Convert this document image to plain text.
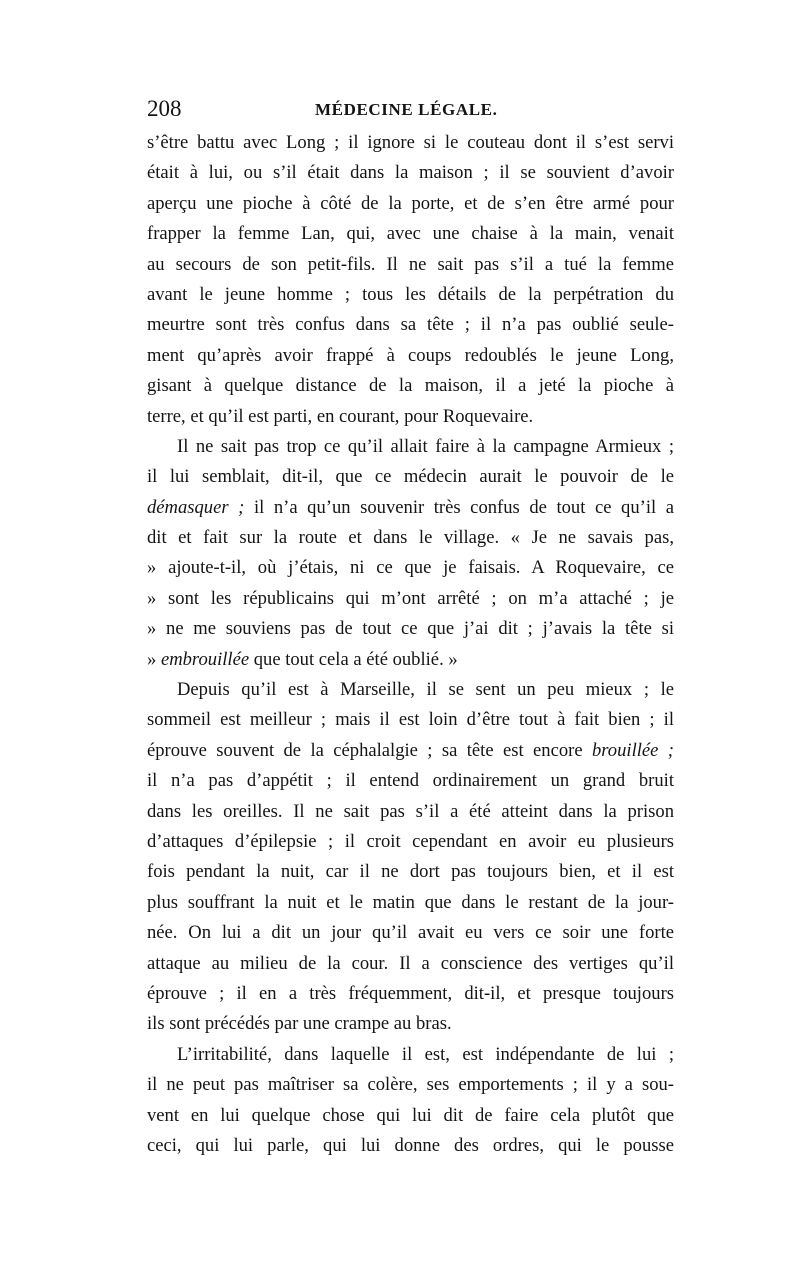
208	MÉDECINE LÉGALE.
s’être battu avec Long ; il ignore si le couteau dont il s’est servi
était à lui, ou s’il était dans la maison ; il se souvient d’avoir
aperçu une pioche à côté de la porte, et de s’en être armé pour
frapper la femme Lan, qui, avec une chaise à la main, venait
au secours de son petit-fils. Il ne sait pas s’il a tué la femme
avant le jeune homme ; tous les détails de la perpétration du
meurtre sont très confus dans sa tête ; il n’a pas oublié seule-
ment qu’après avoir frappé à coups redoublés le jeune Long,
gisant à quelque distance de la maison, il a jeté la pioche à
terre, et qu’il est parti, en courant, pour Roquevaire.
Il ne sait pas trop ce qu’il allait faire à la campagne Armieux ;
il lui semblait, dit-il, que ce médecin aurait le pouvoir de le
démasquer ; il n’a qu’un souvenir très confus de tout ce qu’il a
dit et fait sur la route et dans le village. « Je ne savais pas,
» ajoute-t-il, où j’étais, ni ce que je faisais. A Roquevaire, ce
» sont les républicains qui m’ont arrêté ; on m’a attaché ; je
» ne me souviens pas de tout ce que j’ai dit ; j’avais la tête si
» embrouillée que tout cela a été oublié. »
Depuis qu’il est à Marseille, il se sent un peu mieux ; le
sommeil est meilleur ; mais il est loin d’être tout à fait bien ; il
éprouve souvent de la céphalalgie ; sa tête est encore brouillée ;
il n’a pas d’appétit ; il entend ordinairement un grand bruit
dans les oreilles. Il ne sait pas s’il a été atteint dans la prison
d’attaques d’épilepsie ; il croit cependant en avoir eu plusieurs
fois pendant la nuit, car il ne dort pas toujours bien, et il est
plus souffrant la nuit et le matin que dans le restant de la jour-
née. On lui a dit un jour qu’il avait eu vers ce soir une forte
attaque au milieu de la cour. Il a conscience des vertiges qu’il
éprouve ; il en a très fréquemment, dit-il, et presque toujours
ils sont précédés par une crampe au bras.
L’irritabilité, dans laquelle il est, est indépendante de lui ;
il ne peut pas maîtriser sa colère, ses emportements ; il y a sou-
vent en lui quelque chose qui lui dit de faire cela plutôt que
ceci, qui lui parle, qui lui donne des ordres, qui le pousse
